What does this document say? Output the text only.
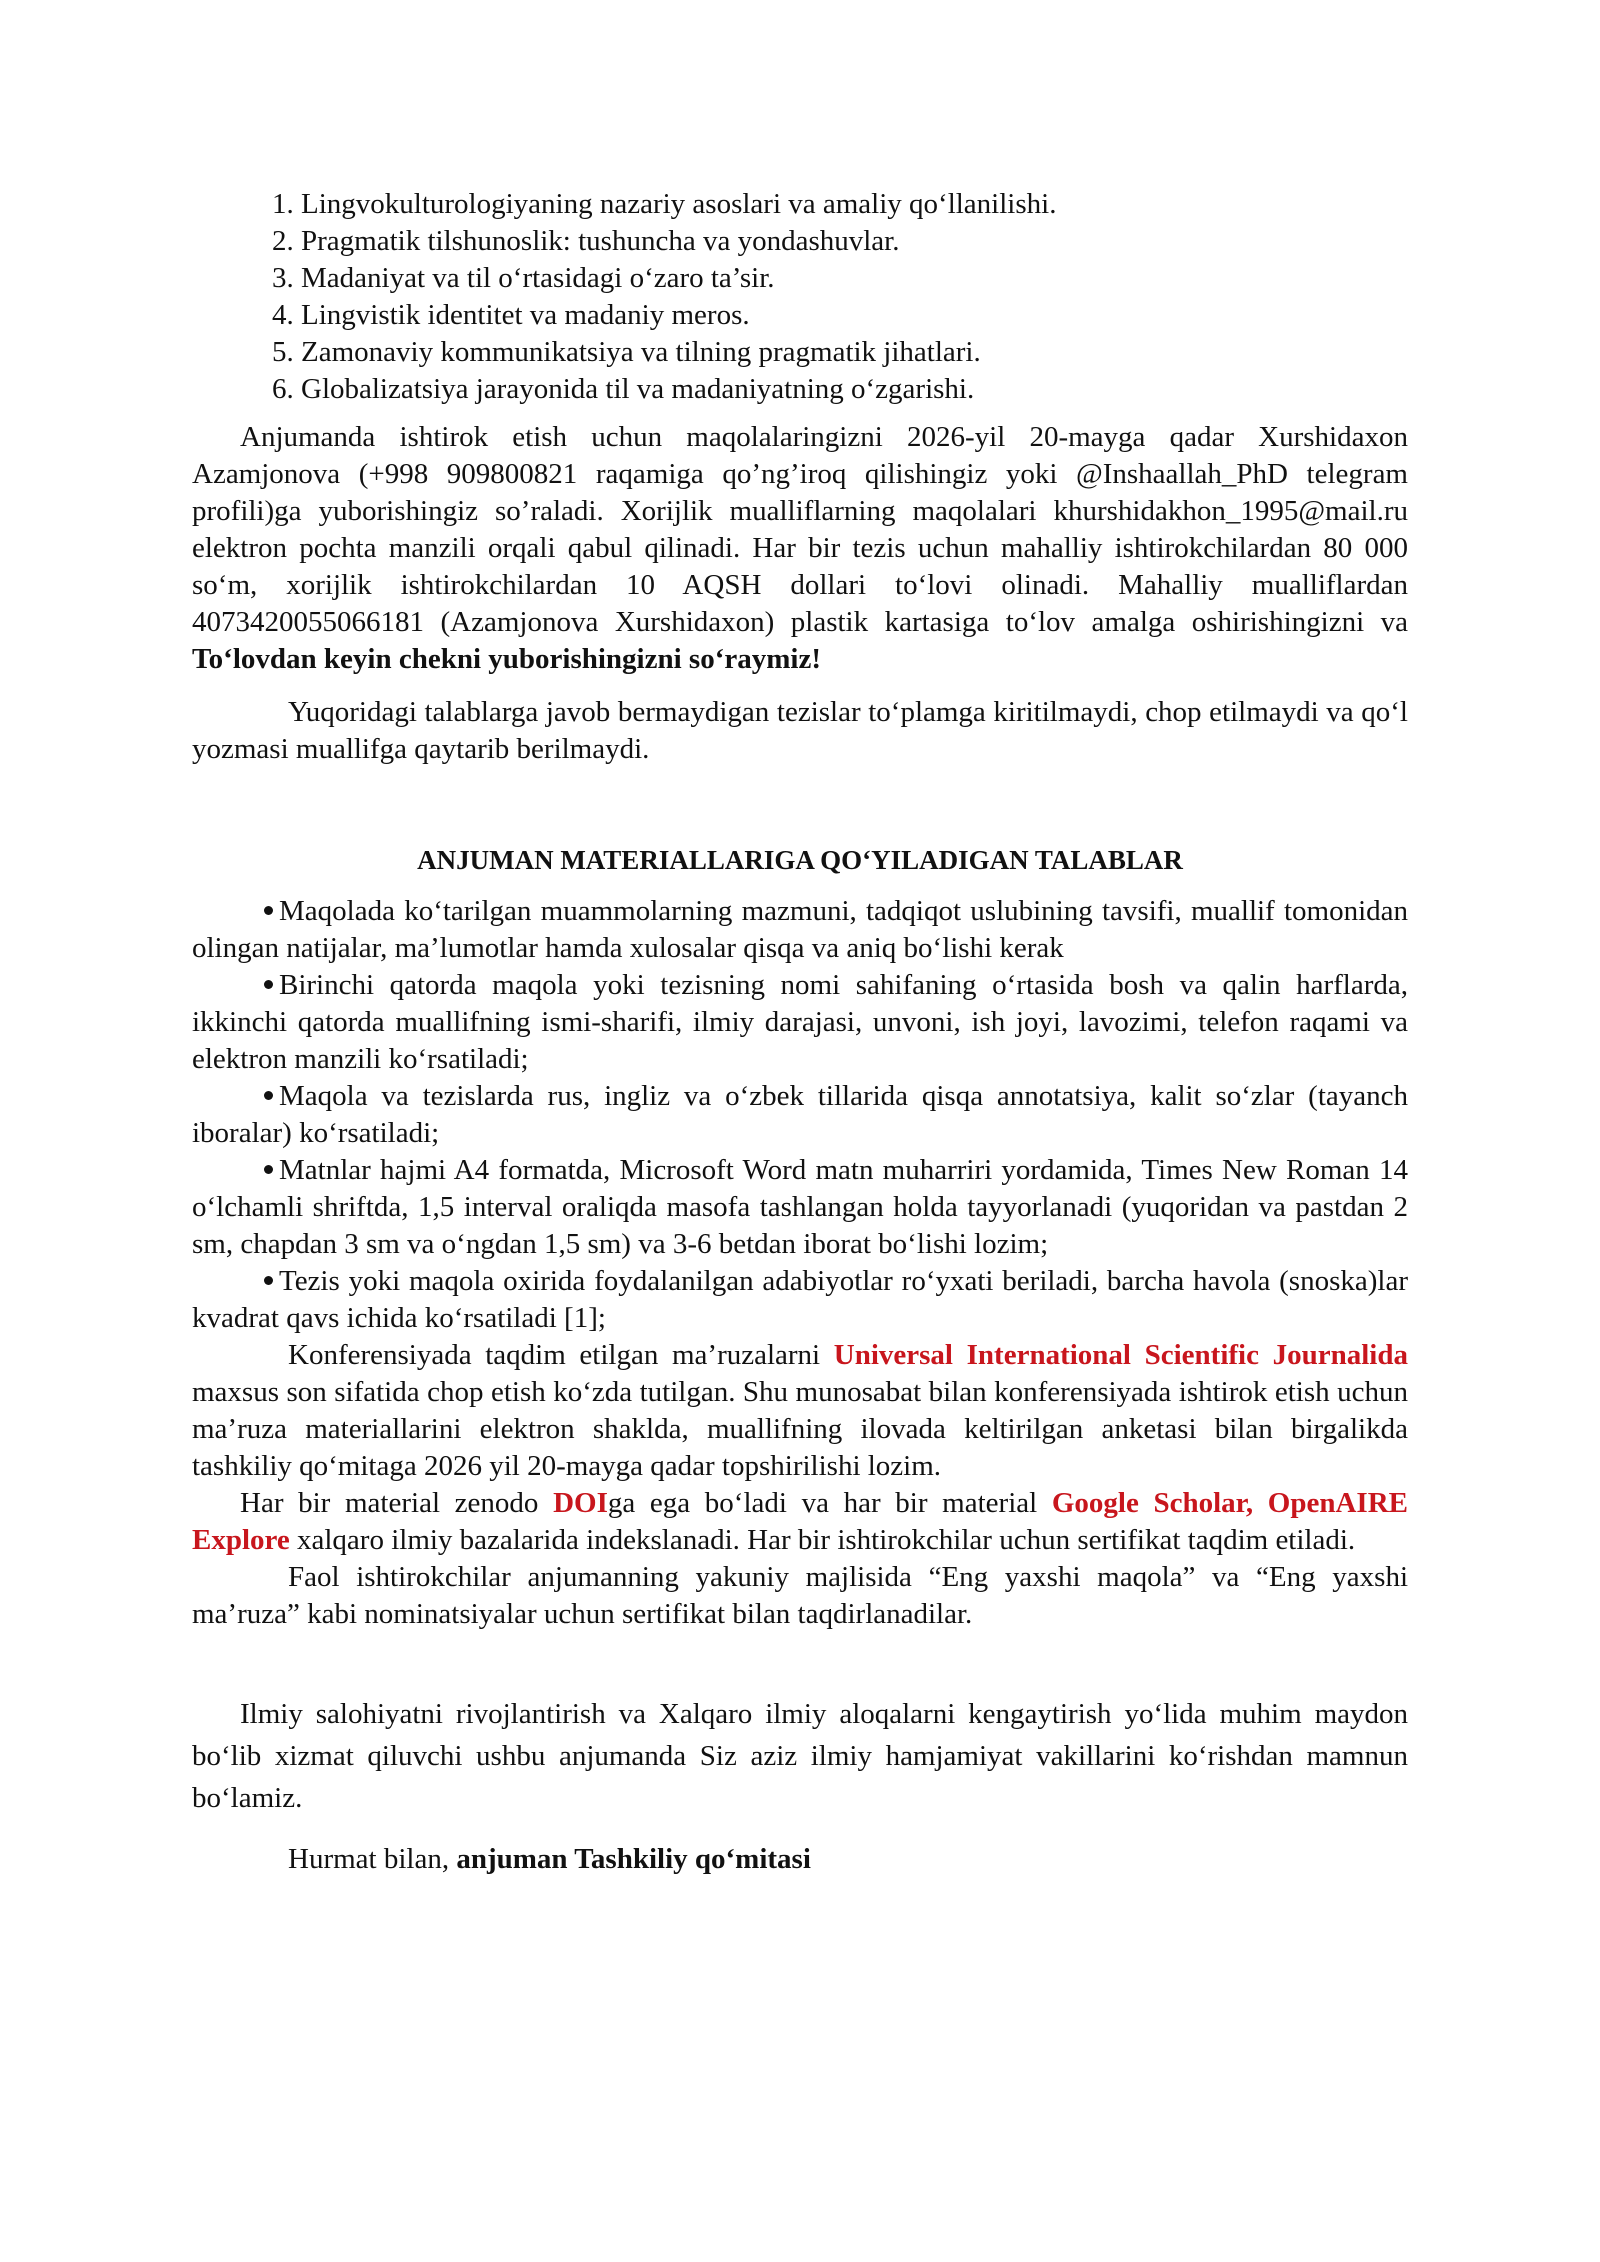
1. Lingvokulturologiyaning nazariy asoslari va amaliy qo‘llanilishi.
2. Pragmatik tilshunoslik: tushuncha va yondashuvlar.
3. Madaniyat va til o‘rtasidagi o‘zaro ta’sir.
4. Lingvistik identitet va madaniy meros.
5. Zamonaviy kommunikatsiya va tilning pragmatik jihatlari.
6. Globalizatsiya jarayonida til va madaniyatning o‘zgarishi.

Anjumanda ishtirok etish uchun maqolalaringizni 2026-yil 20-mayga qadar Xurshidaxon Azamjonova (+998 909800821 raqamiga qo’ng’iroq qilishingiz yoki @Inshaallah_PhD telegram profili)ga yuborishingiz so’raladi. Xorijlik mualliflarning maqolalari khurshidakhon_1995@mail.ru elektron pochta manzili orqali qabul qilinadi. Har bir tezis uchun mahalliy ishtirokchilardan 80 000 so‘m, xorijlik ishtirokchilardan 10 AQSH dollari to‘lovi olinadi. Mahalliy mualliflardan 4073420055066181 (Azamjonova Xurshidaxon) plastik kartasiga to‘lov amalga oshirishingizni va To‘lovdan keyin chekni yuborishingizni so‘raymiz!

Yuqoridagi talablarga javob bermaydigan tezislar to‘plamga kiritilmaydi, chop etilmaydi va qo‘l yozmasi muallifga qaytarib berilmaydi.

ANJUMAN MATERIALLARIGA QO‘YILADIGAN TALABLAR

Maqolada ko‘tarilgan muammolarning mazmuni, tadqiqot uslubining tavsifi, muallif tomonidan olingan natijalar, ma’lumotlar hamda xulosalar qisqa va aniq bo‘lishi kerak

Birinchi qatorda maqola yoki tezisning nomi sahifaning o‘rtasida bosh va qalin harflarda, ikkinchi qatorda muallifning ismi-sharifi, ilmiy darajasi, unvoni, ish joyi, lavozimi, telefon raqami va elektron manzili ko‘rsatiladi;

Maqola va tezislarda rus, ingliz va o‘zbek tillarida qisqa annotatsiya, kalit so‘zlar (tayanch iboralar) ko‘rsatiladi;

Matnlar hajmi A4 formatda, Microsoft Word matn muharriri yordamida, Times New Roman 14 o‘lchamli shriftda, 1,5 interval oraliqda masofa tashlangan holda tayyorlanadi (yuqoridan va pastdan 2 sm, chapdan 3 sm va o‘ngdan 1,5 sm) va 3-6 betdan iborat bo‘lishi lozim;

Tezis yoki maqola oxirida foydalanilgan adabiyotlar ro‘yxati beriladi, barcha havola (snoska)lar kvadrat qavs ichida ko‘rsatiladi [1];

Konferensiyada taqdim etilgan ma’ruzalarni Universal International Scientific Journalida maxsus son sifatida chop etish ko‘zda tutilgan. Shu munosabat bilan konferensiyada ishtirok etish uchun ma’ruza materiallarini elektron shaklda, muallifning ilovada keltirilgan anketasi bilan birgalikda tashkiliy qo‘mitaga 2026 yil 20-mayga qadar topshirilishi lozim.

Har bir material zenodo DOIga ega bo‘ladi va har bir material Google Scholar, OpenAIRE Explore xalqaro ilmiy bazalarida indekslanadi. Har bir ishtirokchilar uchun sertifikat taqdim etiladi.

Faol ishtirokchilar anjumanning yakuniy majlisida “Eng yaxshi maqola” va “Eng yaxshi ma’ruza” kabi nominatsiyalar uchun sertifikat bilan taqdirlanadilar.

Ilmiy salohiyatni rivojlantirish va Xalqaro ilmiy aloqalarni kengaytirish yo‘lida muhim maydon bo‘lib xizmat qiluvchi ushbu anjumanda Siz aziz ilmiy hamjamiyat vakillarini ko‘rishdan mamnun bo‘lamiz.

Hurmat bilan, anjuman Tashkiliy qo‘mitasi
